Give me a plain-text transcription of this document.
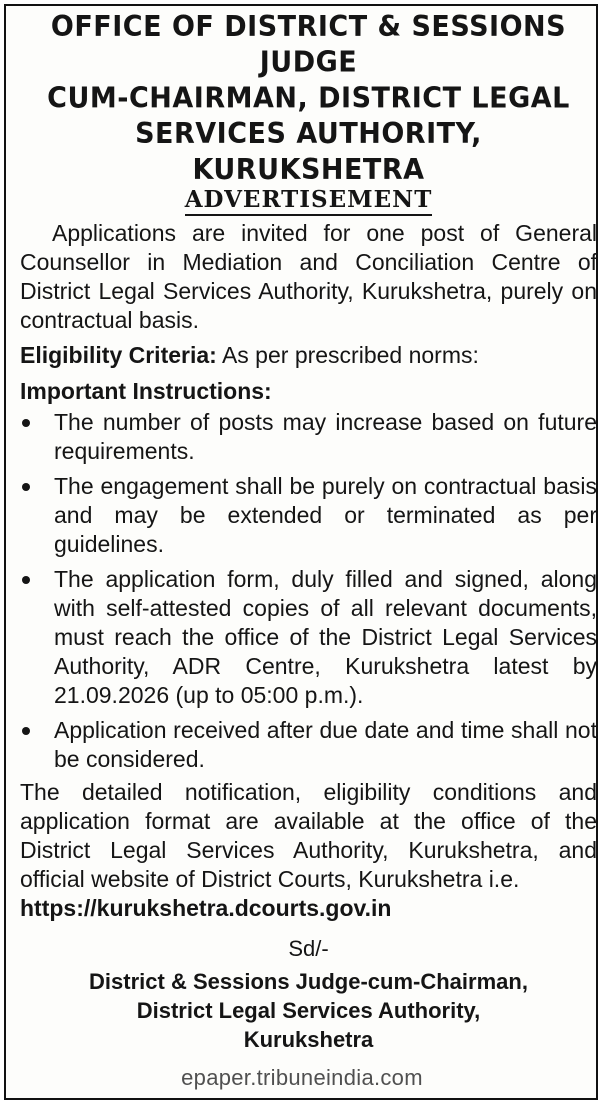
OFFICE OF DISTRICT & SESSIONS JUDGE
CUM-CHAIRMAN, DISTRICT LEGAL
SERVICES AUTHORITY, KURUKSHETRA
ADVERTISEMENT

Applications are invited for one post of General Counsellor in Mediation and Conciliation Centre of District Legal Services Authority, Kurukshetra, purely on contractual basis.

Eligibility Criteria: As per prescribed norms:

Important Instructions:
The number of posts may increase based on future requirements.
The engagement shall be purely on contractual basis and may be extended or terminated as per guidelines.
The application form, duly filled and signed, along with self-attested copies of all relevant documents, must reach the office of the District Legal Services Authority, ADR Centre, Kurukshetra latest by 21.09.2026 (up to 05:00 p.m.).
Application received after due date and time shall not be considered.

The detailed notification, eligibility conditions and application format are available at the office of the District Legal Services Authority, Kurukshetra, and official website of District Courts, Kurukshetra i.e.

https://kurukshetra.dcourts.gov.in
Sd/-
District & Sessions Judge-cum-Chairman,
District Legal Services Authority,
Kurukshetra
epaper.tribuneindia.com
